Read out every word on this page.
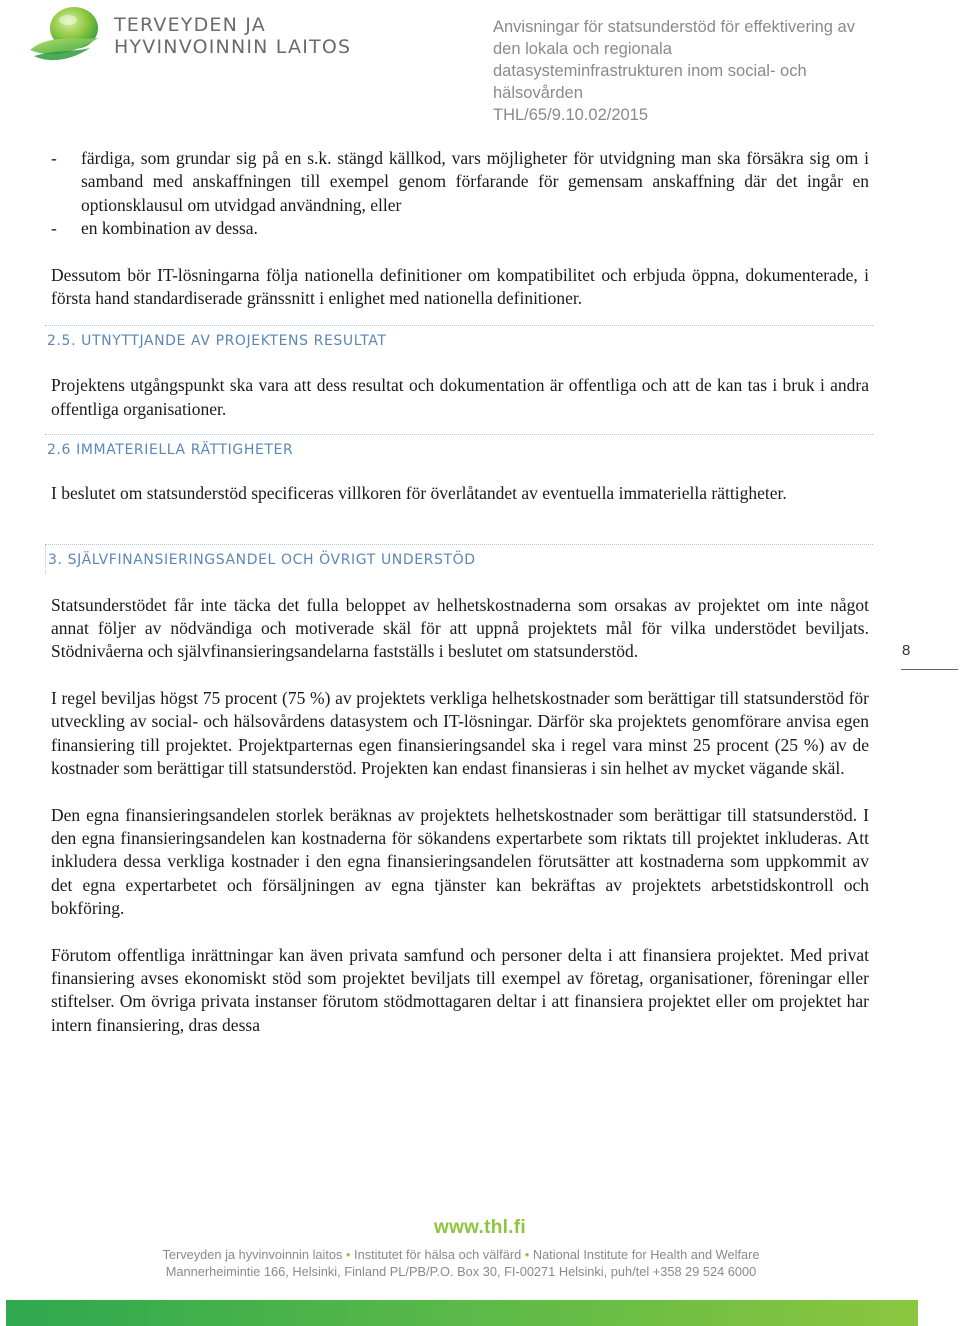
TERVEYDEN JA
HYVINVOINNIN LAITOS
Anvisningar för statsunderstöd för effektivering av
den lokala och regionala
datasysteminfrastrukturen inom social- och
hälsovården
THL/65/9.10.02/2015
- färdiga, som grundar sig på en s.k. stängd källkod, vars möjligheter för utvidgning man ska försäkra sig om i samband med anskaffningen till exempel genom förfarande för gemensam anskaffning där det ingår en optionsklausul om utvidgad användning, eller
- en kombination av dessa.

Dessutom bör IT-lösningarna följa nationella definitioner om kompatibilitet och erbjuda öppna, dokumenterade, i första hand standardiserade gränssnitt i enlighet med nationella definitioner.

2.5. UTNYTTJANDE AV PROJEKTENS RESULTAT

Projektens utgångspunkt ska vara att dess resultat och dokumentation är offentliga och att de kan tas i bruk i andra offentliga organisationer.

2.6 IMMATERIELLA RÄTTIGHETER

I beslutet om statsunderstöd specificeras villkoren för överlåtandet av eventuella immateriella rättigheter.

3. SJÄLVFINANSIERINGSANDEL OCH ÖVRIGT UNDERSTÖD

Statsunderstödet får inte täcka det fulla beloppet av helhetskostnaderna som orsakas av projektet om inte något annat följer av nödvändiga och motiverade skäl för att uppnå projektets mål för vilka understödet beviljats. Stödnivåerna och självfinansieringsandelarna fastställs i beslutet om statsunderstöd.

I regel beviljas högst 75 procent (75 %) av projektets verkliga helhetskostnader som berättigar till statsunderstöd för utveckling av social- och hälsovårdens datasystem och IT-lösningar. Därför ska projektets genomförare anvisa egen finansiering till projektet. Projektparternas egen finansieringsandel ska i regel vara minst 25 procent (25 %) av de kostnader som berättigar till statsunderstöd. Projekten kan endast finansieras i sin helhet av mycket vägande skäl.

Den egna finansieringsandelen storlek beräknas av projektets helhetskostnader som berättigar till statsunderstöd. I den egna finansieringsandelen kan kostnaderna för sökandens expertarbete som riktats till projektet inkluderas. Att inkludera dessa verkliga kostnader i den egna finansieringsandelen förutsätter att kostnaderna som uppkommit av det egna expertarbetet och försäljningen av egna tjänster kan bekräftas av projektets arbetstidskontroll och bokföring.

Förutom offentliga inrättningar kan även privata samfund och personer delta i att finansiera projektet. Med privat finansiering avses ekonomiskt stöd som projektet beviljats till exempel av företag, organisationer, föreningar eller stiftelser. Om övriga privata instanser förutom stödmottagaren deltar i att finansiera projektet eller om projektet har intern finansiering, dras dessa

8
www.thl.fi
Terveyden ja hyvinvoinnin laitos • Institutet för hälsa och välfärd • National Institute for Health and Welfare
Mannerheimintie 166, Helsinki, Finland PL/PB/P.O. Box 30, FI-00271 Helsinki, puh/tel +358 29 524 6000
